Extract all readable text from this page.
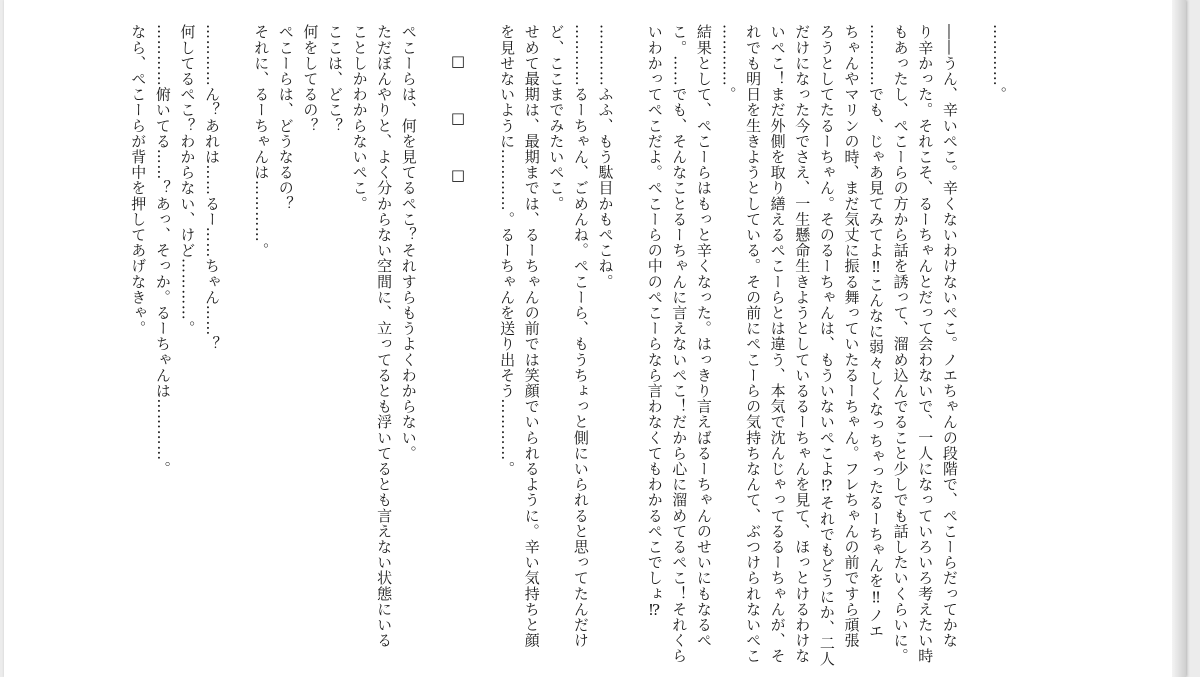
…………。
――うん、辛いぺこ。辛くないわけないぺこ。ノエちゃんの段階で、ぺこーらだってかな
り辛かった。それこそ、るーちゃんとだって会わないで、一人になっていろいろ考えたい時
もあったし、ぺこーらの方から話を誘って、溜め込んでること少しでも話したいくらいに。
…………でも、じゃあ見てみてよ‼こんなに弱々しくなっちゃったるーちゃんを‼ノエ
ちゃんやマリンの時、まだ気丈に振る舞っていたるーちゃん。フレちゃんの前ですら頑張
ろうとしてたるーちゃん。そのるーちゃんは、もういないぺこよ⁉それでもどうにか、二人
だけになった今でさえ、一生懸命生きようとしているるーちゃんを見て、ほっとけるわけな
いぺこ！まだ外側を取り繕えるぺこーらとは違う、本気で沈んじゃってるるーちゃんが、そ
れでも明日を生きようとしている。その前にぺこーらの気持ちなんて、ぶつけられないぺこ
…………。
結果として、ぺこーらはもっと辛くなった。はっきり言えばるーちゃんのせいにもなるぺ
こ。……でも、そんなことるーちゃんに言えないぺこ！だから心に溜めてるぺこ！それくら
いわかってぺこだよ。ぺこーらの中のぺこーらなら言わなくてもわかるぺこでしょ⁉
…………ふふ、もう駄目かもぺこね。
…………るーちゃん、ごめんね。ぺこーら、もうちょっと側にいられると思ってたんだけ
ど、ここまでみたいぺこ。
せめて最期は、最期までは、るーちゃんの前では笑顔でいられるように。辛い気持ちと顔
を見せないように…………。るーちゃんを送り出そう…………。
□　□　□
ぺこーらは、何を見てるぺこ？それすらもうよくわからない。
ただぼんやりと、よく分からない空間に、立ってるとも浮いてるとも言えない状態にいる
ことしかわからないぺこ。
ここは、どこ？
何をしてるの？
ぺこーらは、どうなるの？
それに、るーちゃんは…………。
…………ん？あれは……るー……ちゃん……？
何してるぺこ？わからない、けど…………。
…………俯いてる……？あっ、そっか。るーちゃんは…………。
なら、ぺこーらが背中を押してあげなきゃ。
